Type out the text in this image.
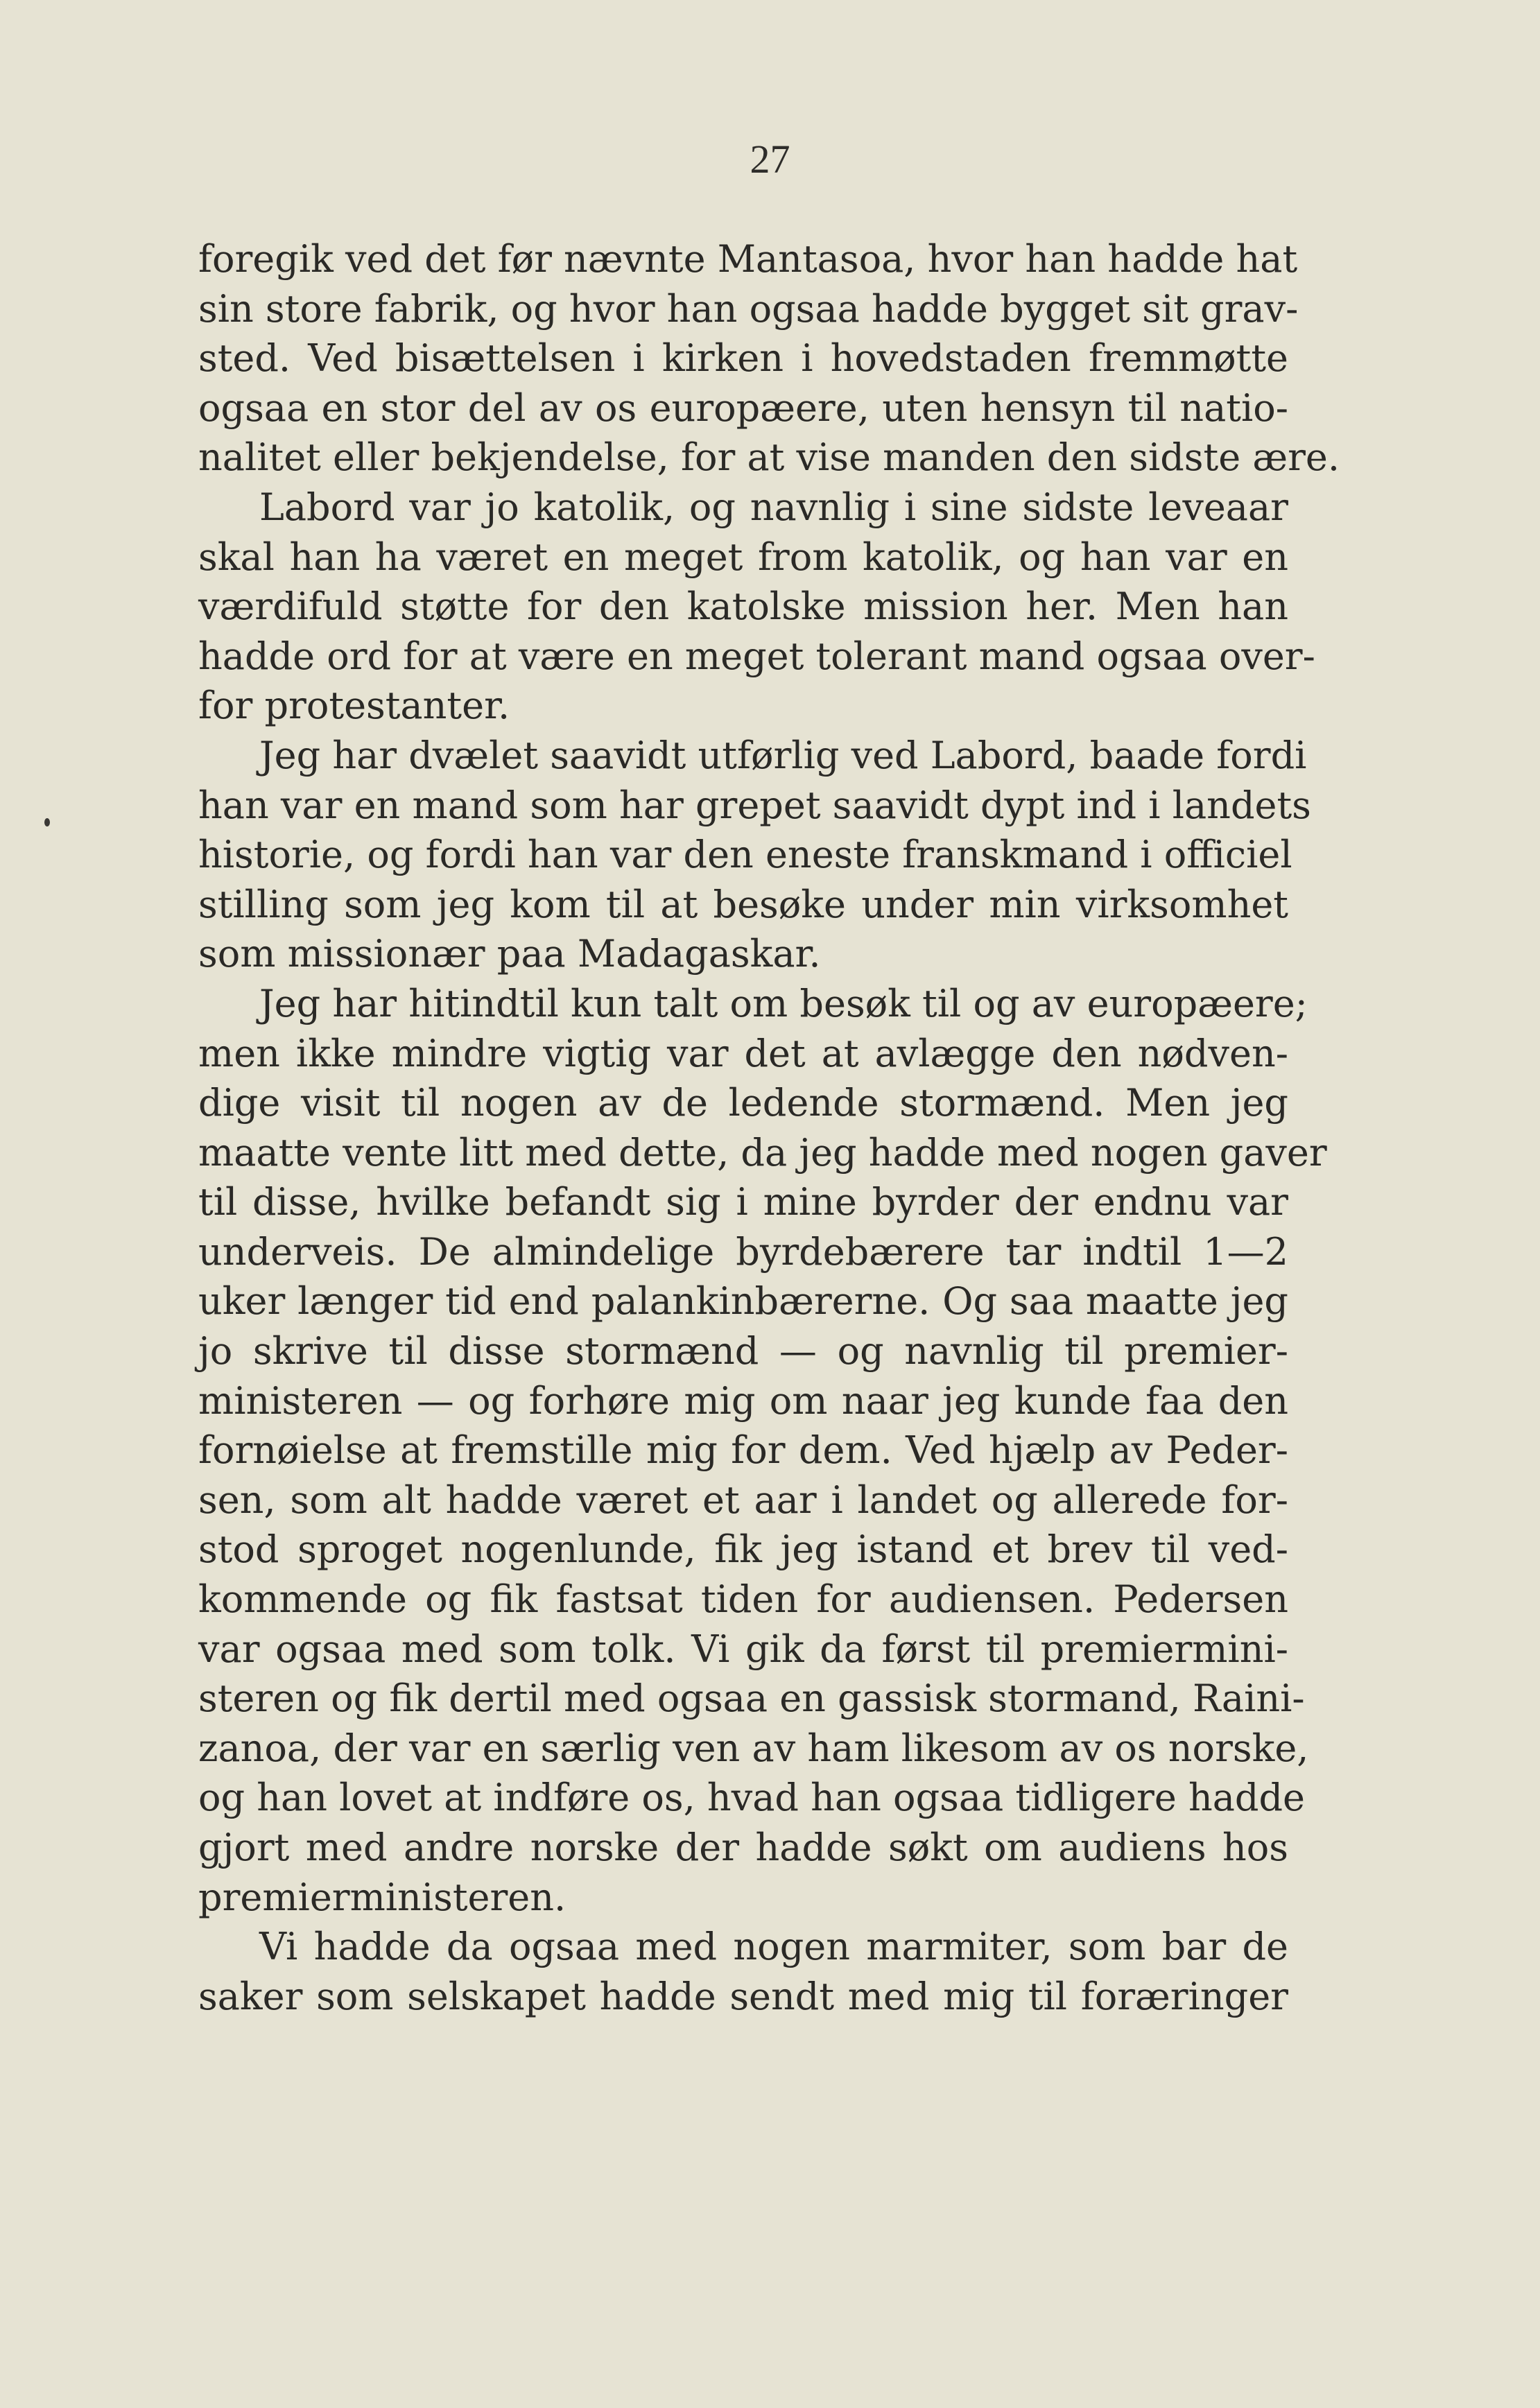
27
foregik ved det før nævnte Mantasoa, hvor han hadde hat
sin store fabrik, og hvor han ogsaa hadde bygget sit grav-
sted. Ved bisættelsen i kirken i hovedstaden fremmøtte
ogsaa en stor del av os europæere, uten hensyn til natio-
nalitet eller bekjendelse, for at vise manden den sidste ære.
Labord var jo katolik, og navnlig i sine sidste leveaar
skal han ha været en meget from katolik, og han var en
værdifuld støtte for den katolske mission her. Men han
hadde ord for at være en meget tolerant mand ogsaa over-
for protestanter.
Jeg har dvælet saavidt utførlig ved Labord, baade fordi
han var en mand som har grepet saavidt dypt ind i landets
historie, og fordi han var den eneste franskmand i officiel
stilling som jeg kom til at besøke under min virksomhet
som missionær paa Madagaskar.
Jeg har hitindtil kun talt om besøk til og av europæere;
men ikke mindre vigtig var det at avlægge den nødven-
dige visit til nogen av de ledende stormænd. Men jeg
maatte vente litt med dette, da jeg hadde med nogen gaver
til disse, hvilke befandt sig i mine byrder der endnu var
underveis. De almindelige byrdebærere tar indtil 1—2
uker længer tid end palankinbærerne. Og saa maatte jeg
jo skrive til disse stormænd — og navnlig til premier-
ministeren — og forhøre mig om naar jeg kunde faa den
fornøielse at fremstille mig for dem. Ved hjælp av Peder-
sen, som alt hadde været et aar i landet og allerede for-
stod sproget nogenlunde, fik jeg istand et brev til ved-
kommende og fik fastsat tiden for audiensen. Pedersen
var ogsaa med som tolk. Vi gik da først til premiermini-
steren og fik dertil med ogsaa en gassisk stormand, Raini-
zanoa, der var en særlig ven av ham likesom av os norske,
og han lovet at indføre os, hvad han ogsaa tidligere hadde
gjort med andre norske der hadde søkt om audiens hos
premierministeren.
Vi hadde da ogsaa med nogen marmiter, som bar de
saker som selskapet hadde sendt med mig til foræringer
